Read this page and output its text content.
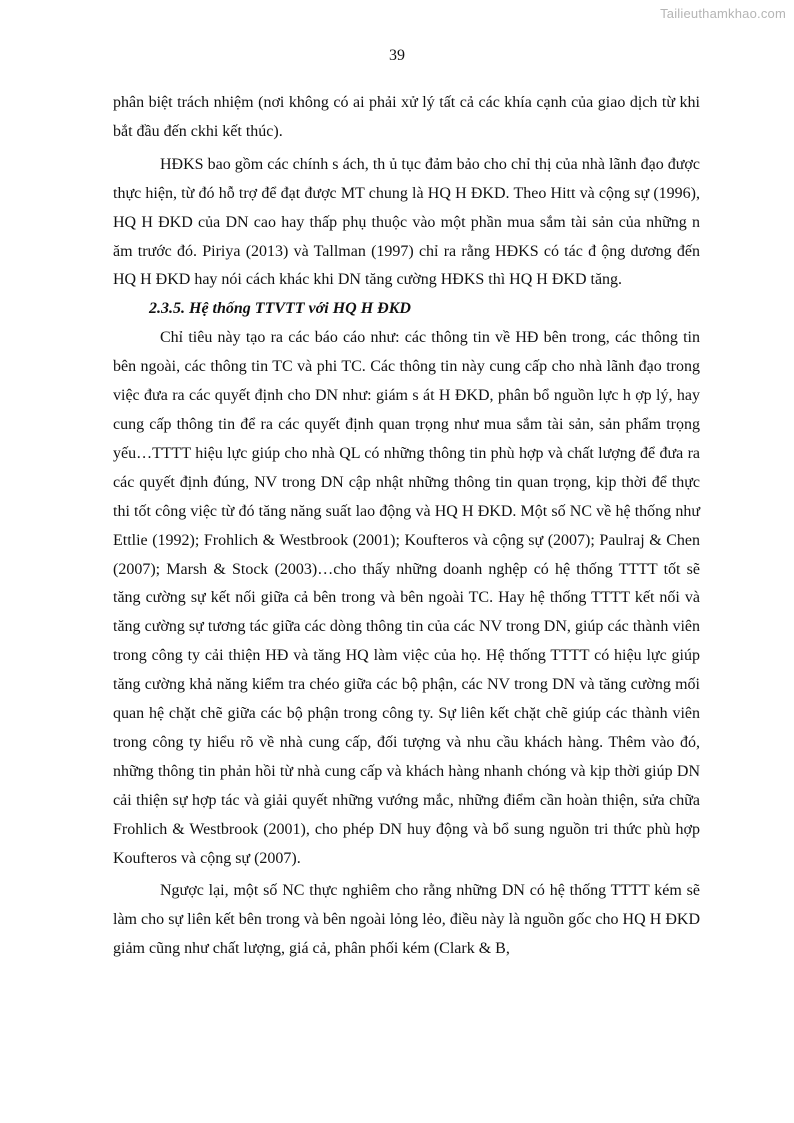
Tailieuthamkhao.com
39

phân biệt trách nhiệm (nơi không có ai phải xử lý tất cả các khía cạnh của giao dịch từ khi bắt đầu đến ckhi kết thúc).

HĐKS bao gồm các chính s ách, th ủ tục đảm bảo cho chỉ thị của nhà lãnh đạo được thực hiện, từ đó hỗ trợ để đạt được MT chung là HQ H ĐKD. Theo Hitt và cộng sự (1996), HQ H ĐKD của DN cao hay thấp phụ thuộc vào một phần mua sắm tài sản của những n ăm trước đó. Piriya (2013) và Tallman (1997) chỉ ra rằng HĐKS có tác đ ộng dương đến HQ H ĐKD hay nói cách khác khi DN tăng cường HĐKS thì HQ H ĐKD tăng.

2.3.5. Hệ thống TTVTT với HQ H ĐKD

Chỉ tiêu này tạo ra các báo cáo như: các thông tin về HĐ bên trong, các thông tin bên ngoài, các thông tin TC và phi TC. Các thông tin này cung cấp cho nhà lãnh đạo trong việc đưa ra các quyết định cho DN như: giám s át H ĐKD, phân bổ nguồn lực h ợp lý, hay cung cấp thông tin để ra các quyết định quan trọng như mua sắm tài sản, sản phẩm trọng yếu…TTTT hiệu lực giúp cho nhà QL có những thông tin phù hợp và chất lượng để đưa ra các quyết định đúng, NV trong DN cập nhật những thông tin quan trọng, kịp thời để thực thi tốt công việc từ đó tăng năng suất lao động và HQ H ĐKD. Một số NC về hệ thống như Ettlie (1992); Frohlich & Westbrook (2001); Koufteros và cộng sự (2007); Paulraj & Chen (2007); Marsh & Stock (2003)…cho thấy những doanh nghệp có hệ thống TTTT tốt sẽ tăng cường sự kết nối giữa cả bên trong và bên ngoài TC. Hay hệ thống TTTT kết nối và tăng cường sự tương tác giữa các dòng thông tin của các NV trong DN, giúp các thành viên trong công ty cải thiện HĐ và tăng HQ làm việc của họ. Hệ thống TTTT có hiệu lực giúp tăng cường khả năng kiểm tra chéo giữa các bộ phận, các NV trong DN và tăng cường mối quan hệ chặt chẽ giữa các bộ phận trong công ty. Sự liên kết chặt chẽ giúp các thành viên trong công ty hiểu rõ về nhà cung cấp, đối tượng và nhu cầu khách hàng. Thêm vào đó, những thông tin phản hồi từ nhà cung cấp và khách hàng nhanh chóng và kịp thời giúp DN cải thiện sự hợp tác và giải quyết những vướng mắc, những điểm cần hoàn thiện, sửa chữa Frohlich & Westbrook (2001), cho phép DN huy động và bổ sung nguồn tri thức phù hợp Koufteros và cộng sự (2007).

Ngược lại, một số NC thực nghiêm cho rằng những DN có hệ thống TTTT kém sẽ làm cho sự liên kết bên trong và bên ngoài lỏng lẻo, điều này là nguồn gốc cho HQ H ĐKD giảm cũng như chất lượng, giá cả, phân phối kém (Clark & B,
